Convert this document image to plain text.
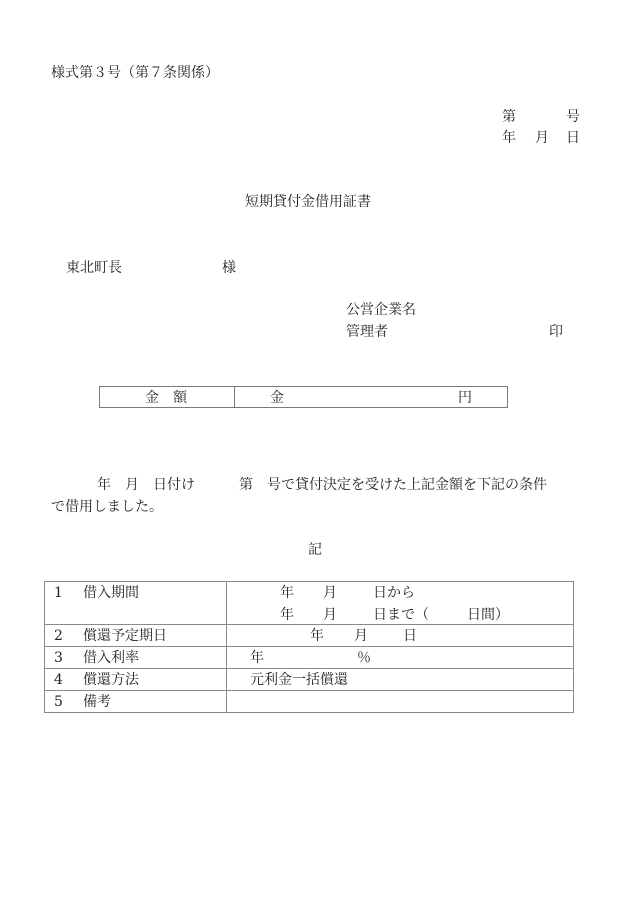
様式第３号（第７条関係）
第	号
年 月 日
短期貸付金借用証書
東北町長	様
公営企業名
管理者	印
金　額	金	円
年　月　日付け	第　号で貸付決定を受けた上記金額を下記の条件
で借用しました。
記
1 借入期間	年 月	日から
年 月	日まで（	日間）

2 償還予定期日	年 月 日

3 借入利率	年 ％

4 償還方法	元利金一括償還

5 備考	
